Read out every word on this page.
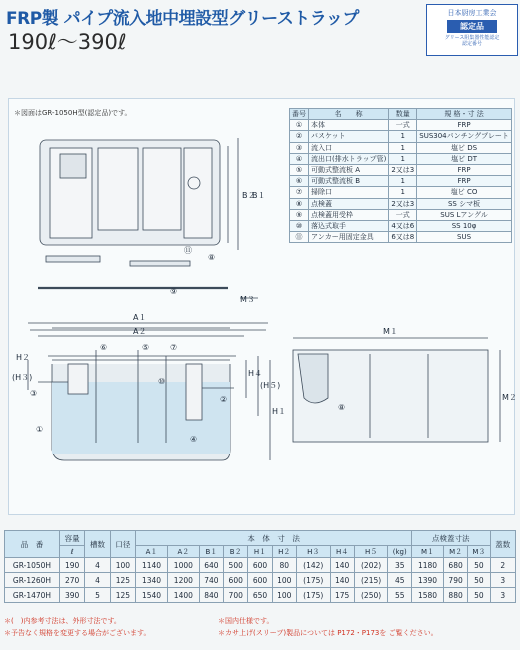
FRP製 パイプ流入地中埋設型グリーストラップ
190ℓ～390ℓ
日本厨房工業会
認定品
グリース阻集器性能認定
認定番号
＊図面はGR-1050H型(認定品)です。
B２
B１
M３
A１
A２
H１
H２
(H３)	H４
(H５)
M１
M２
⑪
⑧
⑨
⑥	⑤	⑦
③
⑩
②
①
④
⑧
番号	名　　称	数量	規 格・寸 法
①	本体	一式	FRP
②	バスケット	1	SUS304パンチングプレート
③	流入口	1	塩ビ DS
④	流出口(排水トラップ管)	1	塩ビ DT
⑤	可動式整流板 A	2又は3	FRP
⑥	可動式整流板 B	1	FRP
⑦	掃除口	1	塩ビ CO
⑧	点検蓋	2又は3	SS シマ板
⑨	点検蓋用受枠	一式	SUS Lアングル
⑩	落込式取手	4又は6	SS 10φ
⑪	アンカー用固定金具	6又は8	SUS
品　番	容量	槽数	口径	本　体　寸　法										点検蓋寸法			蓋数
	ℓ			A１	A２	B１	B２	H１	H２	H３	H４	H５	(kg)	M１	M２	M３	
GR-1050H	190	4	100	1140	1000	640	500	600	80	(142)	140	(202)	35	1180	680	50	2
GR-1260H	270	4	125	1340	1200	740	600	600	100	(175)	140	(215)	45	1390	790	50	3
GR-1470H	390	5	125	1540	1400	840	700	650	100	(175)	175	(250)	55	1580	880	50	3
＊(　)内参考寸法は、外形寸法です。
＊予告なく規格を変更する場合がございます。
＊国内仕様です。
＊カサ上げ(スリーブ)製品については P172・P173を ご覧ください。
